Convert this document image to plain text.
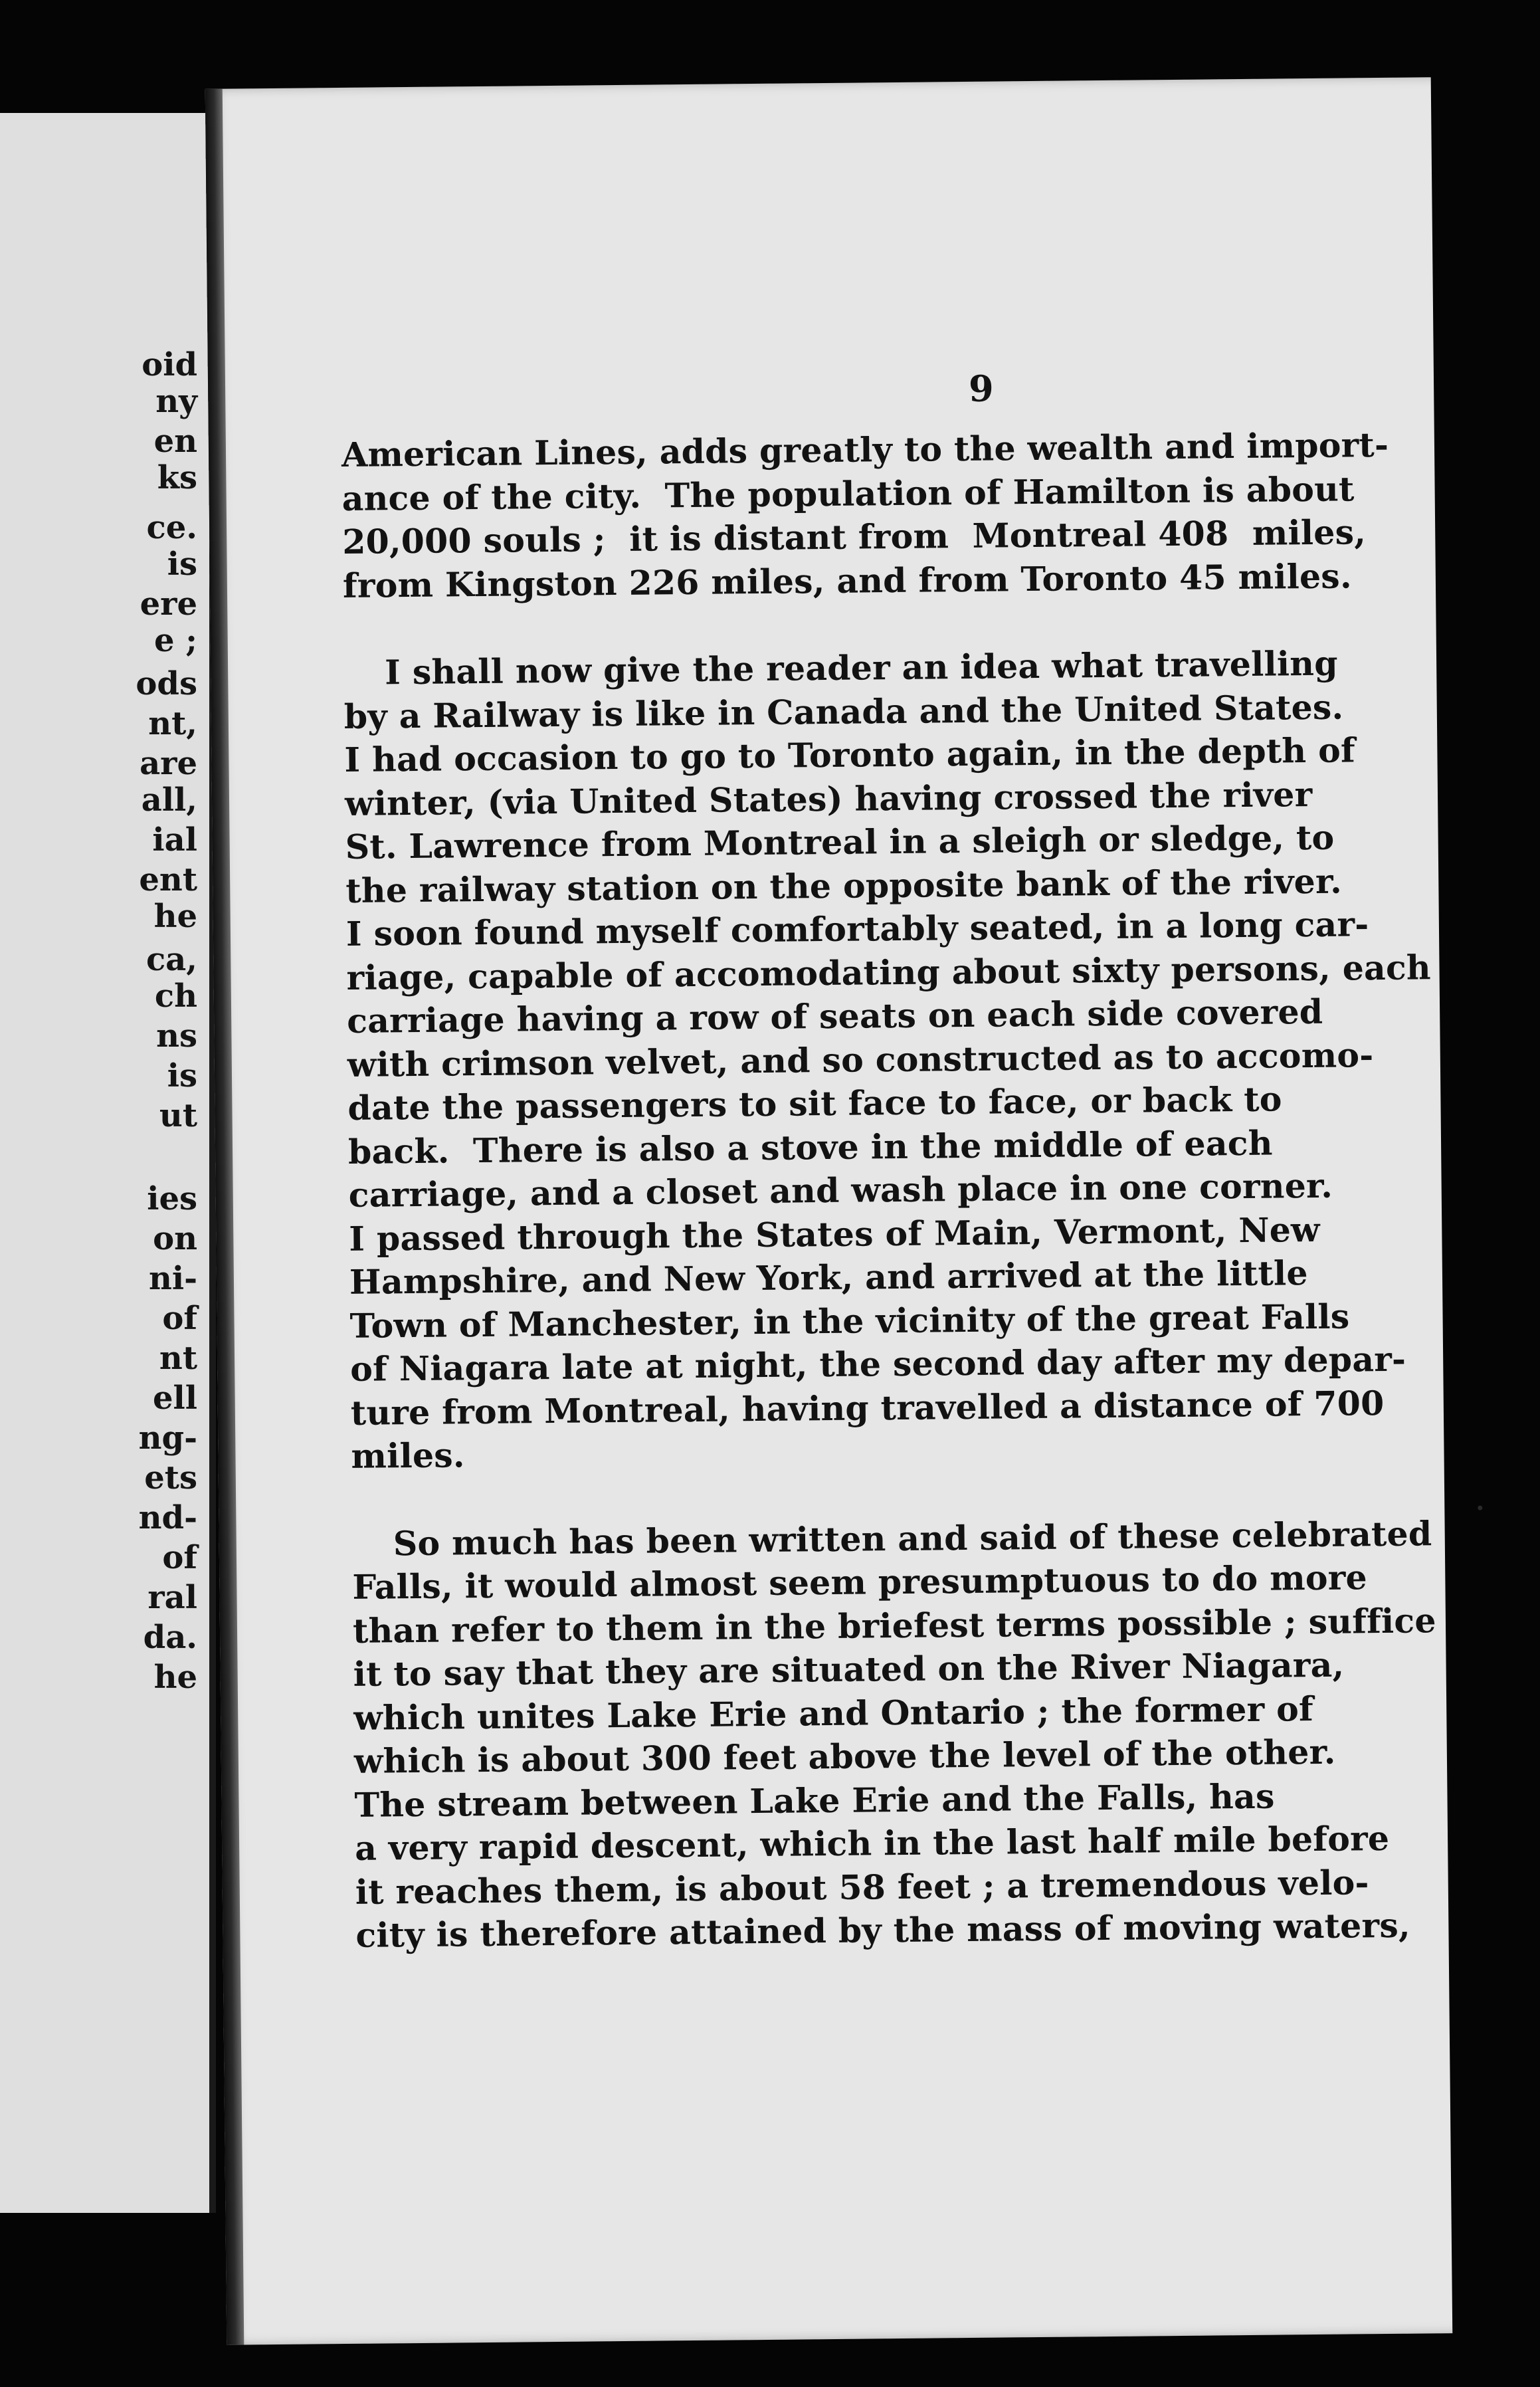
oid
ny
en
ks
ce.
is
ere
e ;
ods
nt,
are
all,
ial
ent
he
ca,
ch
ns
is
ut
ies
on
ni-
of
nt
ell
ng-
ets
nd-
of
ral
da.
he
9
American Lines, adds greatly to the wealth and import-
ance of the city.  The population of Hamilton is about
20,000 souls ;  it is distant from  Montreal 408  miles,
from Kingston 226 miles, and from Toronto 45 miles.
I shall now give the reader an idea what travelling
by a Railway is like in Canada and the United States.
I had occasion to go to Toronto again, in the depth of
winter, (via United States) having crossed the river
St. Lawrence from Montreal in a sleigh or sledge, to
the railway station on the opposite bank of the river.
I soon found myself comfortably seated, in a long car-
riage, capable of accomodating about sixty persons, each
carriage having a row of seats on each side covered
with crimson velvet, and so constructed as to accomo-
date the passengers to sit face to face, or back to
back.  There is also a stove in the middle of each
carriage, and a closet and wash place in one corner.
I passed through the States of Main, Vermont, New
Hampshire, and New York, and arrived at the little
Town of Manchester, in the vicinity of the great Falls
of Niagara late at night, the second day after my depar-
ture from Montreal, having travelled a distance of 700
miles.
So much has been written and said of these celebrated
Falls, it would almost seem presumptuous to do more
than refer to them in the briefest terms possible ; suffice
it to say that they are situated on the River Niagara,
which unites Lake Erie and Ontario ; the former of
which is about 300 feet above the level of the other.
The stream between Lake Erie and the Falls, has
a very rapid descent, which in the last half mile before
it reaches them, is about 58 feet ; a tremendous velo-
city is therefore attained by the mass of moving waters,
